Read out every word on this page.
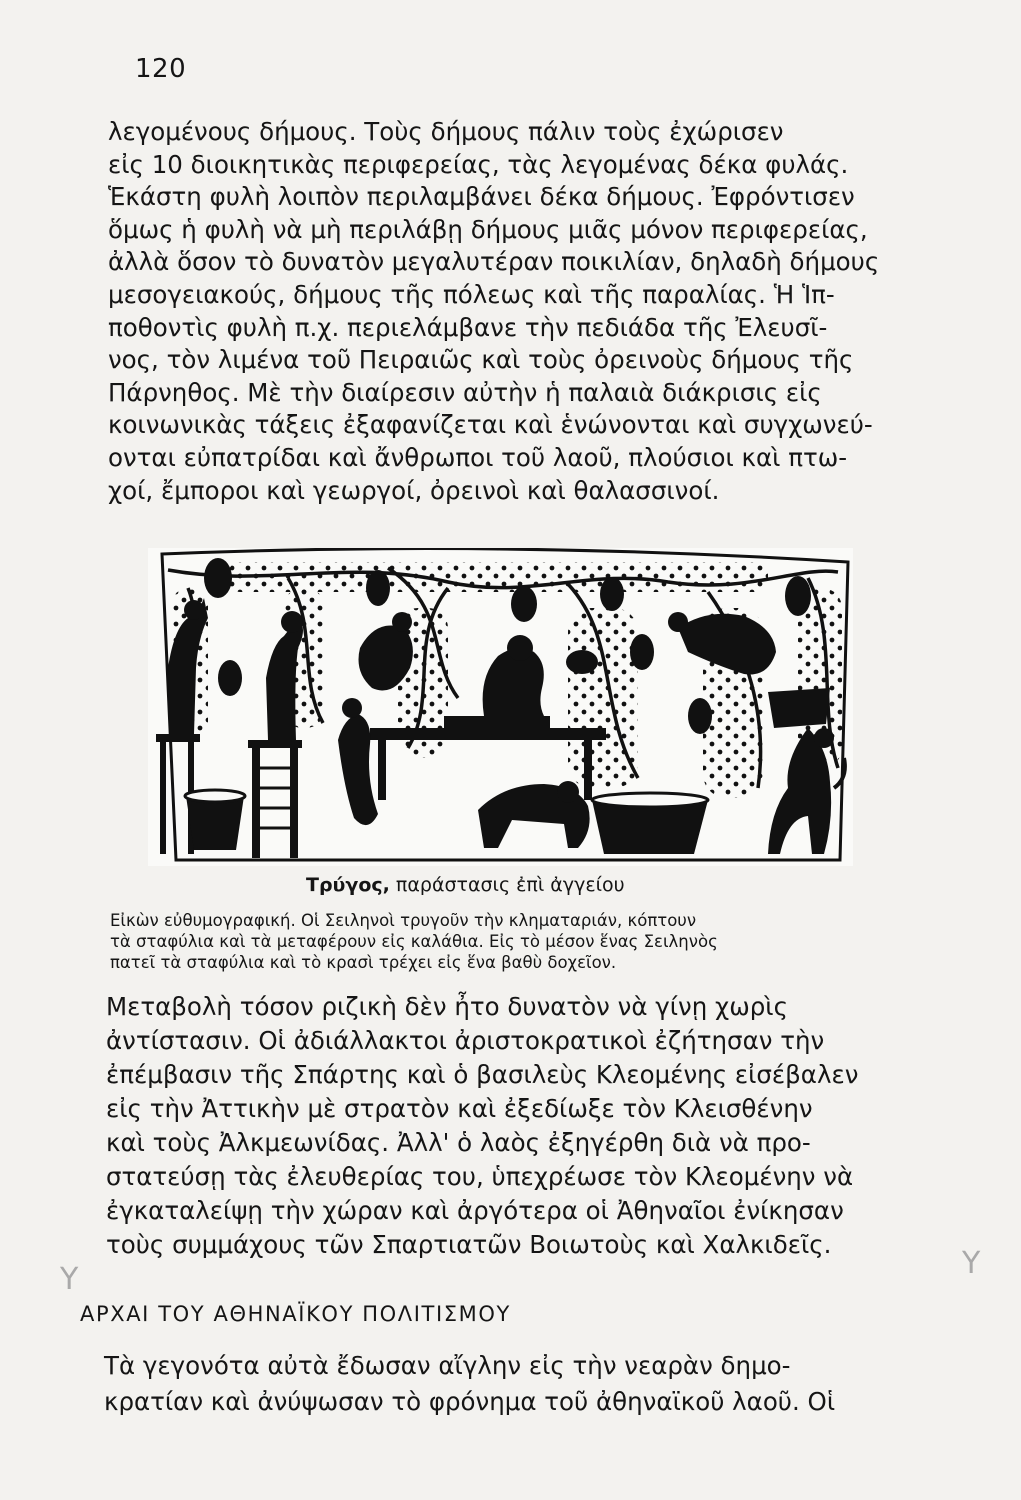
120
λεγομένους δήμους. Τοὺς δήμους πάλιν τοὺς ἐχώρισεν
εἰς 10 διοικητικὰς περιφερείας, τὰς λεγομένας δέκα φυλάς.
Ἑκάστη φυλὴ λοιπὸν περιλαμβάνει δέκα δήμους. Ἐφρόντισεν
ὅμως ἡ φυλὴ νὰ μὴ περιλάβῃ δήμους μιᾶς μόνον περιφερείας,
ἀλλὰ ὅσον τὸ δυνατὸν μεγαλυτέραν ποικιλίαν, δηλαδὴ δήμους
μεσογειακούς, δήμους τῆς πόλεως καὶ τῆς παραλίας. Ἡ Ἱπ-
ποθοντὶς φυλὴ π.χ. περιελάμβανε τὴν πεδιάδα τῆς Ἐλευσῖ-
νος, τὸν λιμένα τοῦ Πειραιῶς καὶ τοὺς ὀρεινοὺς δήμους τῆς
Πάρνηθος. Μὲ τὴν διαίρεσιν αὐτὴν ἡ παλαιὰ διάκρισις εἰς
κοινωνικὰς τάξεις ἐξαφανίζεται καὶ ἑνώνονται καὶ συγχωνεύ-
ονται εὐπατρίδαι καὶ ἄνθρωποι τοῦ λαοῦ, πλούσιοι καὶ πτω-
χοί, ἔμποροι καὶ γεωργοί, ὀρεινοὶ καὶ θαλασσινοί.
Τρύγος, παράστασις ἐπὶ ἀγγείου
Εἰκὼν εὐθυμογραφική. Οἱ Σειληνοὶ τρυγοῦν τὴν κληματαριάν, κόπτουν
τὰ σταφύλια καὶ τὰ μεταφέρουν εἰς καλάθια. Εἰς τὸ μέσον ἕνας Σειληνὸς
πατεῖ τὰ σταφύλια καὶ τὸ κρασὶ τρέχει εἰς ἕνα βαθὺ δοχεῖον.
Μεταβολὴ τόσον ριζικὴ δὲν ἦτο δυνατὸν νὰ γίνῃ χωρὶς
ἀντίστασιν. Οἱ ἀδιάλλακτοι ἀριστοκρατικοὶ ἐζήτησαν τὴν
ἐπέμβασιν τῆς Σπάρτης καὶ ὁ βασιλεὺς Κλεομένης εἰσέβαλεν
εἰς τὴν Ἀττικὴν μὲ στρατὸν καὶ ἐξεδίωξε τὸν Κλεισθένην
καὶ τοὺς Ἀλκμεωνίδας. Ἀλλ' ὁ λαὸς ἐξηγέρθη διὰ νὰ προ-
στατεύσῃ τὰς ἐλευθερίας του, ὑπεχρέωσε τὸν Κλεομένην νὰ
ἐγκαταλείψῃ τὴν χώραν καὶ ἀργότερα οἱ Ἀθηναῖοι ἐνίκησαν
τοὺς συμμάχους τῶν Σπαρτιατῶν Βοιωτοὺς καὶ Χαλκιδεῖς.
Y	Y
ΑΡΧΑΙ ΤΟΥ ΑΘΗΝΑΪΚΟΥ ΠΟΛΙΤΙΣΜΟΥ
Τὰ γεγονότα αὐτὰ ἔδωσαν αἴγλην εἰς τὴν νεαρὰν δημο-
κρατίαν καὶ ἀνύψωσαν τὸ φρόνημα τοῦ ἀθηναϊκοῦ λαοῦ. Οἱ
